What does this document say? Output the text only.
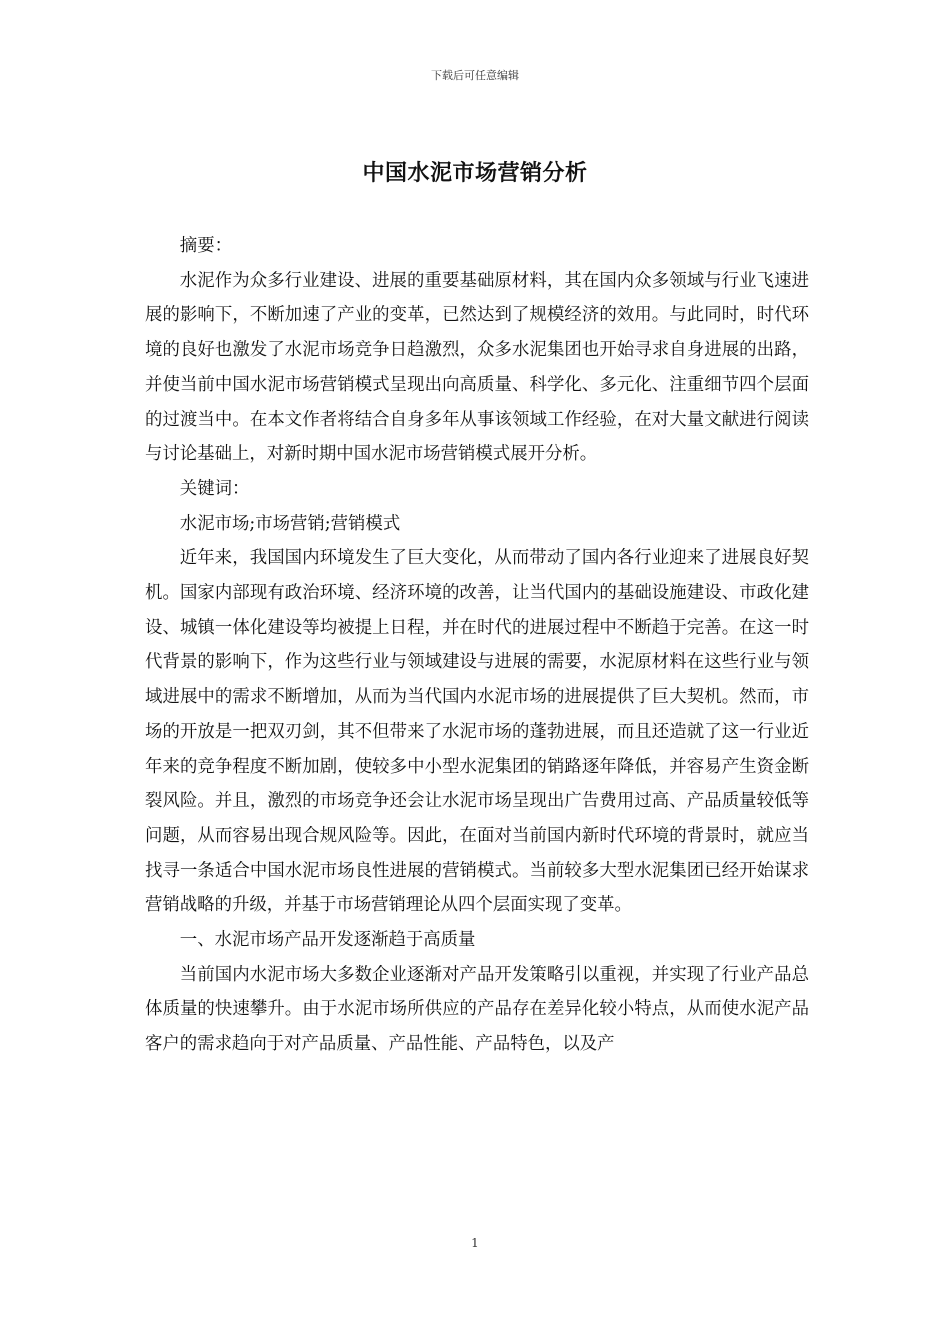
下载后可任意编辑
中国水泥市场营销分析

摘要：

水泥作为众多行业建设、进展的重要基础原材料，其在国内众多领域与行业飞速进展的影响下，不断加速了产业的变革，已然达到了规模经济的效用。与此同时，时代环境的良好也激发了水泥市场竞争日趋激烈，众多水泥集团也开始寻求自身进展的出路，并使当前中国水泥市场营销模式呈现出向高质量、科学化、多元化、注重细节四个层面的过渡当中。在本文作者将结合自身多年从事该领域工作经验，在对大量文献进行阅读与讨论基础上，对新时期中国水泥市场营销模式展开分析。

关键词：

水泥市场;市场营销;营销模式

近年来，我国国内环境发生了巨大变化，从而带动了国内各行业迎来了进展良好契机。国家内部现有政治环境、经济环境的改善，让当代国内的基础设施建设、市政化建设、城镇一体化建设等均被提上日程，并在时代的进展过程中不断趋于完善。在这一时代背景的影响下，作为这些行业与领域建设与进展的需要，水泥原材料在这些行业与领域进展中的需求不断增加，从而为当代国内水泥市场的进展提供了巨大契机。然而，市场的开放是一把双刃剑，其不但带来了水泥市场的蓬勃进展，而且还造就了这一行业近年来的竞争程度不断加剧，使较多中小型水泥集团的销路逐年降低，并容易产生资金断裂风险。并且，激烈的市场竞争还会让水泥市场呈现出广告费用过高、产品质量较低等问题，从而容易出现合规风险等。因此，在面对当前国内新时代环境的背景时，就应当找寻一条适合中国水泥市场良性进展的营销模式。当前较多大型水泥集团已经开始谋求营销战略的升级，并基于市场营销理论从四个层面实现了变革。

一、水泥市场产品开发逐渐趋于高质量

当前国内水泥市场大多数企业逐渐对产品开发策略引以重视，并实现了行业产品总体质量的快速攀升。由于水泥市场所供应的产品存在差异化较小特点，从而使水泥产品客户的需求趋向于对产品质量、产品性能、产品特色，以及产

1
